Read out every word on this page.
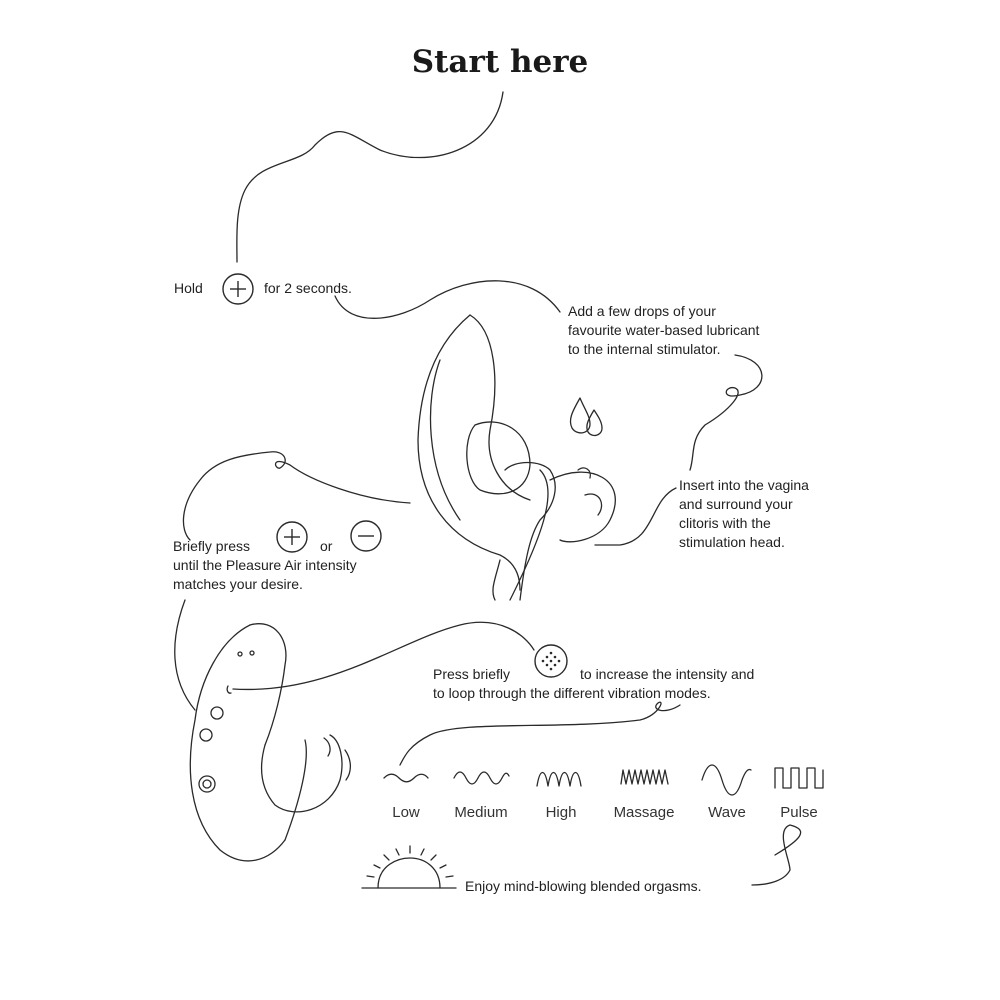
Start here
Hold	for 2 seconds.
Add a few drops of your
favourite water-based lubricant
to the internal stimulator.
Insert into the vagina
and surround your
clitoris with the
stimulation head.
Briefly press	or
until the Pleasure Air intensity
matches your desire.
Press briefly	to increase the intensity and
to loop through the different vibration modes.
Low	Medium	High	Massage	Wave	Pulse
Enjoy mind-blowing blended orgasms.
